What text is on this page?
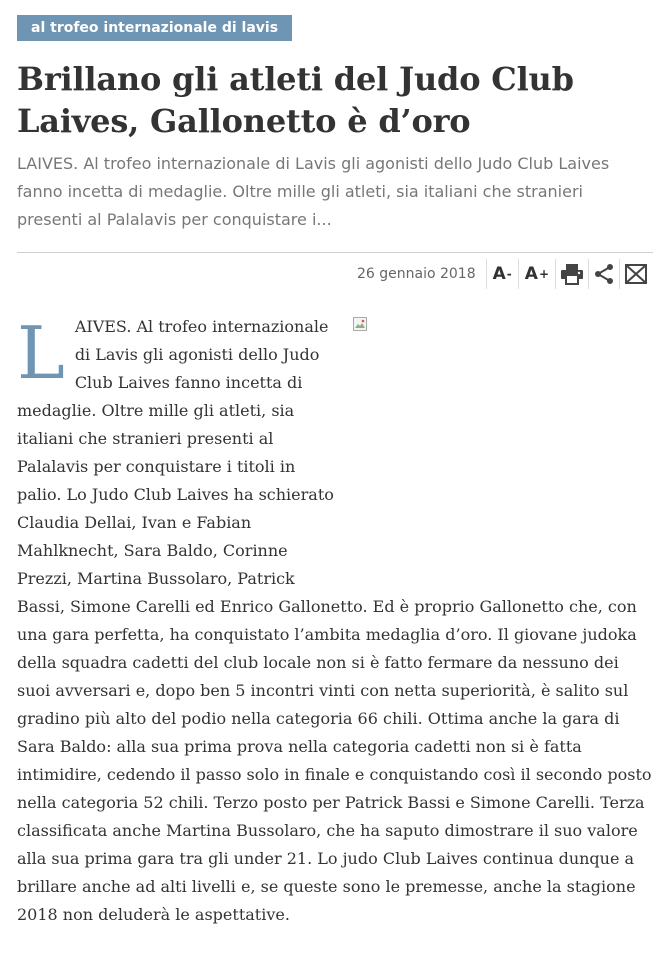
al trofeo internazionale di lavis
Brillano gli atleti del Judo Club Laives, Gallonetto è d’oro

LAIVES. Al trofeo internazionale di Lavis gli agonisti dello Judo Club Laives fanno incetta di medaglie. Oltre mille gli atleti, sia italiani che stranieri presenti al Palalavis per conquistare i...

26 gennaio 2018	A - A +
LAIVES. Al trofeo internazionale di Lavis gli agonisti dello Judo Club Laives fanno incetta di medaglie. Oltre mille gli atleti, sia italiani che stranieri presenti al Palalavis per conquistare i titoli in palio. Lo Judo Club Laives ha schierato Claudia Dellai, Ivan e Fabian Mahlknecht, Sara Baldo, Corinne Prezzi, Martina Bussolaro, Patrick Bassi, Simone Carelli ed Enrico Gallonetto. Ed è proprio Gallonetto che, con una gara perfetta, ha conquistato l’ambita medaglia d’oro. Il giovane judoka della squadra cadetti del club locale non si è fatto fermare da nessuno dei suoi avversari e, dopo ben 5 incontri vinti con netta superiorità, è salito sul gradino più alto del podio nella categoria 66 chili. Ottima anche la gara di Sara Baldo: alla sua prima prova nella categoria cadetti non si è fatta intimidire, cedendo il passo solo in finale e conquistando così il secondo posto nella categoria 52 chili. Terzo posto per Patrick Bassi e Simone Carelli. Terza classificata anche Martina Bussolaro, che ha saputo dimostrare il suo valore alla sua prima gara tra gli under 21. Lo judo Club Laives continua dunque a brillare anche ad alti livelli e, se queste sono le premesse, anche la stagione 2018 non deluderà le aspettative.
